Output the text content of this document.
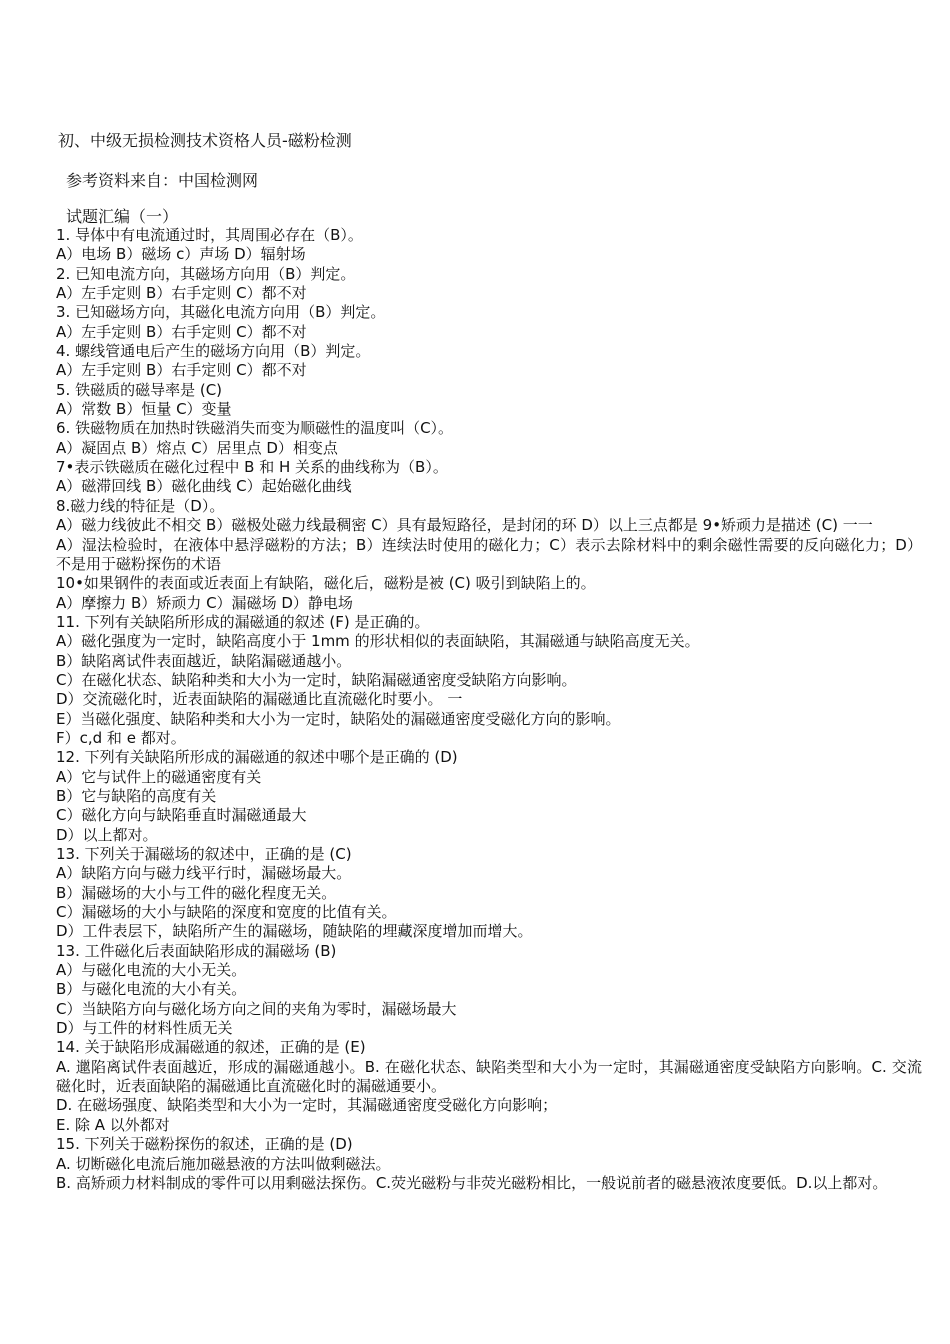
初、中级无损检测技术资格人员-磁粉检测
参考资料来自：中国检测网
试题汇编（一）
1. 导体中有电流通过时，其周围必存在（B）。
A）电场 B）磁场 c）声场 D）辐射场
2. 已知电流方向，其磁场方向用（B）判定。
A）左手定则 B）右手定则 C）都不对
3. 已知磁场方向，其磁化电流方向用（B）判定。
A）左手定则 B）右手定则 C）都不对
4. 螺线管通电后产生的磁场方向用（B）判定。
A）左手定则 B）右手定则 C）都不对
5. 铁磁质的磁导率是 (C)
A）常数 B）恒量 C）变量
6. 铁磁物质在加热时铁磁消失而变为顺磁性的温度叫（C）。
A）凝固点 B）熔点 C）居里点 D）相变点
7•表示铁磁质在磁化过程中 B 和 H 关系的曲线称为（B）。
A）磁滞回线 B）磁化曲线 C）起始磁化曲线
8.磁力线的特征是（D）。
A）磁力线彼此不相交 B）磁极处磁力线最稠密 C）具有最短路径，是封闭的环 D）以上三点都是 9•矫顽力是描述 (C) 一一
A）湿法检验时，在液体中悬浮磁粉的方法；B）连续法时使用的磁化力；C）表示去除材料中的剩余磁性需要的反向磁化力；D）不是用于磁粉探伤的术语
10•如果钢件的表面或近表面上有缺陷，磁化后，磁粉是被 (C) 吸引到缺陷上的。
A）摩擦力 B）矫顽力 C）漏磁场 D）静电场
11. 下列有关缺陷所形成的漏磁通的叙述 (F) 是正确的。
A）磁化强度为一定时，缺陷高度小于 1mm 的形状相似的表面缺陷，其漏磁通与缺陷高度无关。
B）缺陷离试件表面越近，缺陷漏磁通越小。
C）在磁化状态、缺陷种类和大小为一定时，缺陷漏磁通密度受缺陷方向影响。
D）交流磁化时，近表面缺陷的漏磁通比直流磁化时要小。 一
E）当磁化强度、缺陷种类和大小为一定时，缺陷处的漏磁通密度受磁化方向的影响。
F）c,d 和 e 都对。
12. 下列有关缺陷所形成的漏磁通的叙述中哪个是正确的 (D)
A）它与试件上的磁通密度有关
B）它与缺陷的高度有关
C）磁化方向与缺陷垂直时漏磁通最大
D）以上都对。
13. 下列关于漏磁场的叙述中，正确的是 (C)
A）缺陷方向与磁力线平行时，漏磁场最大。
B）漏磁场的大小与工件的磁化程度无关。
C）漏磁场的大小与缺陷的深度和宽度的比值有关。
D）工件表层下，缺陷所产生的漏磁场，随缺陷的埋藏深度增加而增大。
13. 工件磁化后表面缺陷形成的漏磁场 (B)
A）与磁化电流的大小无关。
B）与磁化电流的大小有关。
C）当缺陷方向与磁化场方向之间的夹角为零时，漏磁场最大
D）与工件的材料性质无关
14. 关于缺陷形成漏磁通的叙述，正确的是 (E)
A. 邋陷离试件表面越近，形成的漏磁通越小。B. 在磁化状态、缺陷类型和大小为一定时，其漏磁通密度受缺陷方向影响。C. 交流磁化时，近表面缺陷的漏磁通比直流磁化时的漏磁通要小。
D. 在磁场强度、缺陷类型和大小为一定时，其漏磁通密度受磁化方向影响；
E. 除 A 以外都对
15. 下列关于磁粉探伤的叙述，正确的是 (D)
A. 切断磁化电流后施加磁悬液的方法叫做剩磁法。
B. 高矫顽力材料制成的零件可以用剩磁法探伤。C.荧光磁粉与非荧光磁粉相比，一般说前者的磁悬液浓度要低。D.以上都对。
